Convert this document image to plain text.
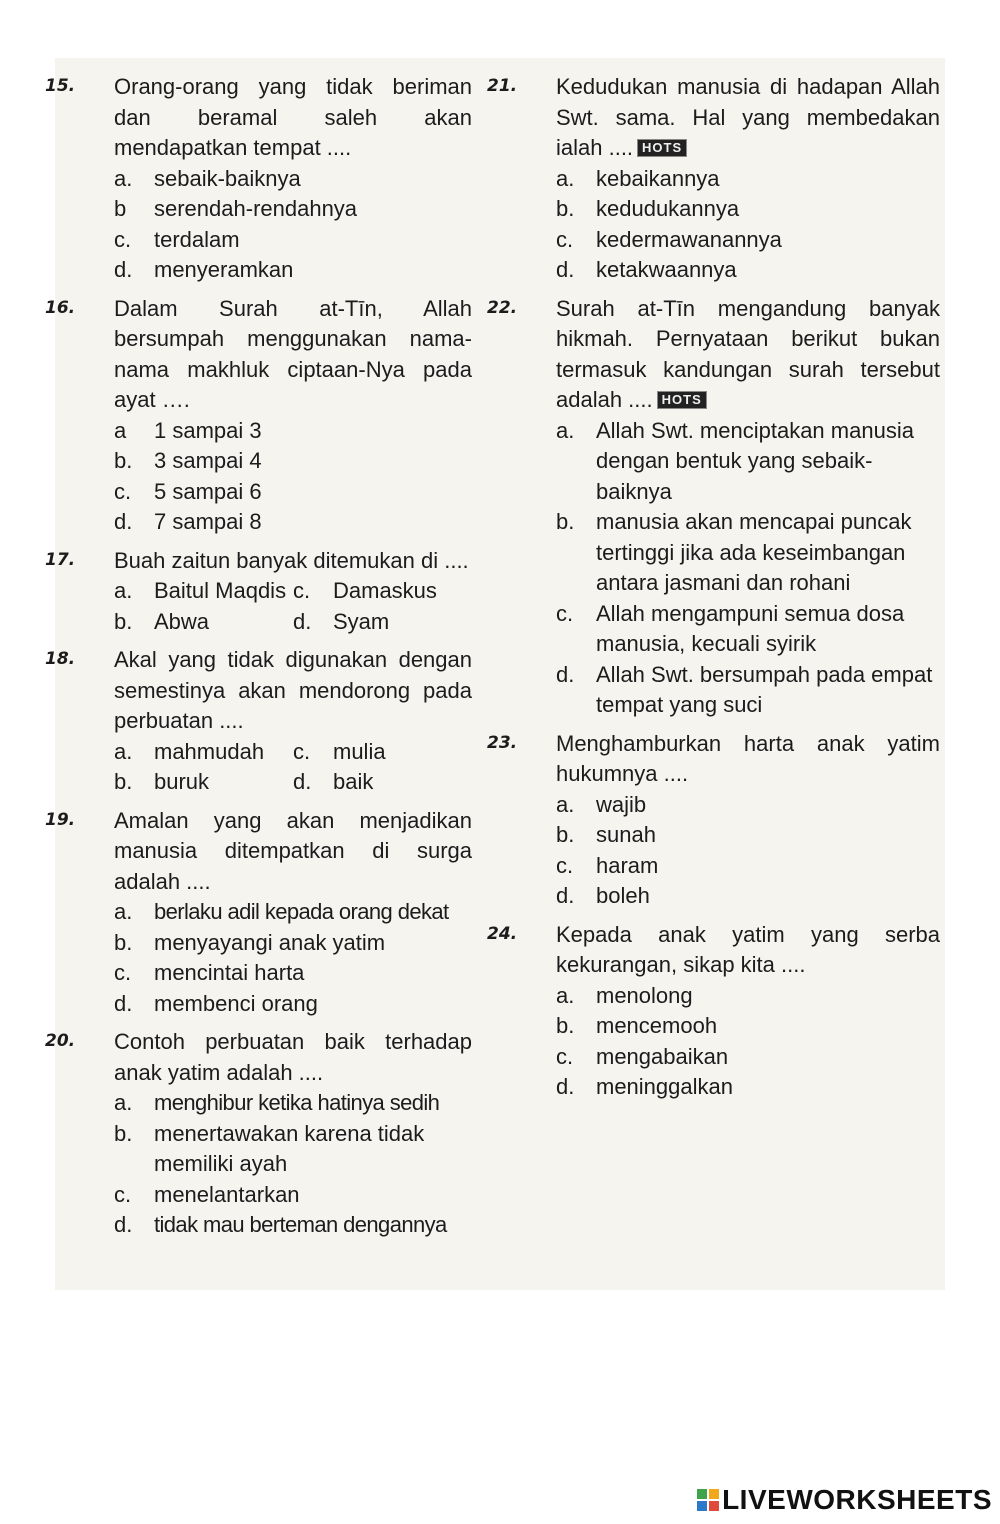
15.	Orang-orang yang tidak beriman dan beramal saleh akan mendapatkan tempat ....
a. sebaik-baiknya
b	serendah-rendahnya
c.	terdalam
d. menyeramkan
16.	Dalam Surah at-Tīn, Allah bersumpah menggunakan nama-nama makhluk ciptaan-Nya pada ayat ….
a	1 sampai 3
b. 3 sampai 4
c.	5 sampai 6
d. 7 sampai 8
17.	Buah zaitun banyak ditemukan di ....
a. Baitul Maqdis c.	Damaskus
b. Abwa	d. Syam
18.	Akal yang tidak digunakan dengan semestinya akan mendorong pada perbuatan ....
a. mahmudah	c.	mulia
b. buruk	d. baik
19.	Amalan yang akan menjadikan manusia ditempatkan di surga adalah ....
a. berlaku adil kepada orang dekat
b. menyayangi anak yatim
c.	mencintai harta
d. membenci orang
20.	Contoh perbuatan baik terhadap anak yatim adalah ....
a. menghibur ketika hatinya sedih
b. menertawakan karena tidak memiliki ayah
c.	menelantarkan
d. tidak mau berteman dengannya
21.	Kedudukan manusia di hadapan Allah Swt. sama. Hal yang membedakan ialah .... HOTS
a. kebaikannya
b. kedudukannya
c.	kedermawanannya
d. ketakwaannya
22.	Surah at-Tīn mengandung banyak hikmah. Pernyataan berikut bukan termasuk kandungan surah tersebut adalah .... HOTS
a. Allah Swt. menciptakan manusia dengan bentuk yang sebaik-baiknya
b. manusia akan mencapai puncak tertinggi jika ada keseimbangan antara jasmani dan rohani
c.	Allah mengampuni semua dosa manusia, kecuali syirik
d. Allah Swt. bersumpah pada empat tempat yang suci
23.	Menghamburkan harta anak yatim hukumnya ....
a. wajib
b. sunah
c.	haram
d. boleh
24.	Kepada anak yatim yang serba kekurangan, sikap kita ....
a. menolong
b. mencemooh
c.	mengabaikan
d. meninggalkan
LIVEWORKSHEETS
